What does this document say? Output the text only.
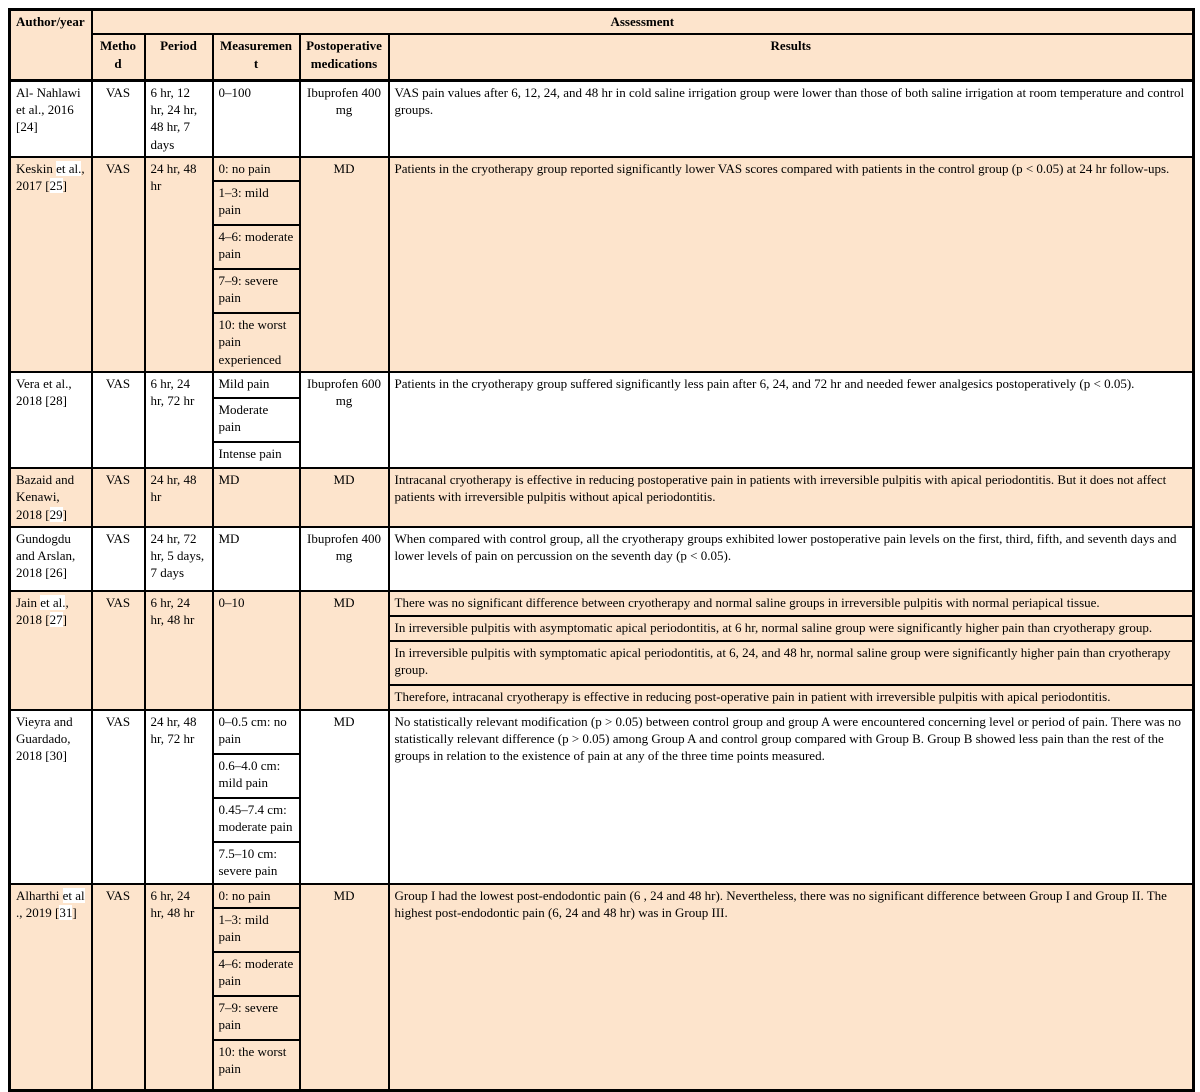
Author/year	Assessment				
	Method	Period	Measurement	Postoperative medications	Results
Al- Nahlawi et al., 2016 [24]	VAS	6 hr, 12 hr, 24 hr, 48 hr, 7 days	0–100	Ibuprofen 400 mg	VAS pain values after 6, 12, 24, and 48 hr in cold saline irrigation group were lower than those of both saline irrigation at room temperature and control groups.
Keskin et al., 2017 [25]	VAS	24 hr, 48 hr	0: no pain	MD	Patients in the cryotherapy group reported significantly lower VAS scores compared with patients in the control group (p < 0.05) at 24 hr follow-ups.
			1–3: mild pain		
			4–6: moderate pain		
			7–9: severe pain		
			10: the worst pain experienced		
Vera et al., 2018 [28]	VAS	6 hr, 24 hr, 72 hr	Mild pain	Ibuprofen 600 mg	Patients in the cryotherapy group suffered significantly less pain after 6, 24, and 72 hr and needed fewer analgesics postoperatively (p < 0.05).
			Moderate pain		
			Intense pain		
Bazaid and Kenawi, 2018 [29]	VAS	24 hr, 48 hr	MD	MD	Intracanal cryotherapy is effective in reducing postoperative pain in patients with irreversible pulpitis with apical periodontitis. But it does not affect patients with irreversible pulpitis without apical periodontitis.
Gundogdu and Arslan, 2018 [26]	VAS	24 hr, 72 hr, 5 days, 7 days	MD	Ibuprofen 400 mg	When compared with control group, all the cryotherapy groups exhibited lower postoperative pain levels on the first, third, fifth, and seventh days and lower levels of pain on percussion on the seventh day (p < 0.05).
Jain et al., 2018 [27]	VAS	6 hr, 24 hr, 48 hr	0–10	MD	There was no significant difference between cryotherapy and normal saline groups in irreversible pulpitis with normal periapical tissue.
					In irreversible pulpitis with asymptomatic apical periodontitis, at 6 hr, normal saline group were significantly higher pain than cryotherapy group.
					In irreversible pulpitis with symptomatic apical periodontitis, at 6, 24, and 48 hr, normal saline group were significantly higher pain than cryotherapy group.
					Therefore, intracanal cryotherapy is effective in reducing post-operative pain in patient with irreversible pulpitis with apical periodontitis.
Vieyra and Guardado, 2018 [30]	VAS	24 hr, 48 hr, 72 hr	0–0.5 cm: no pain	MD	No statistically relevant modification (p > 0.05) between control group and group A were encountered concerning level or period of pain. There was no statistically relevant difference (p > 0.05) among Group A and control group compared with Group B. Group B showed less pain than the rest of the groups in relation to the existence of pain at any of the three time points measured.
			0.6–4.0 cm: mild pain		
			0.45–7.4 cm: moderate pain		
			7.5–10 cm: severe pain		
Alharthi et al ., 2019 [31]	VAS	6 hr, 24 hr, 48 hr	0: no pain	MD	Group I had the lowest post-endodontic pain (6 , 24 and 48 hr). Nevertheless, there was no significant difference between Group I and Group II. The highest post-endodontic pain (6, 24 and 48 hr) was in Group III.
			1–3: mild pain		
			4–6: moderate pain		
			7–9: severe pain		
			10: the worst pain		
